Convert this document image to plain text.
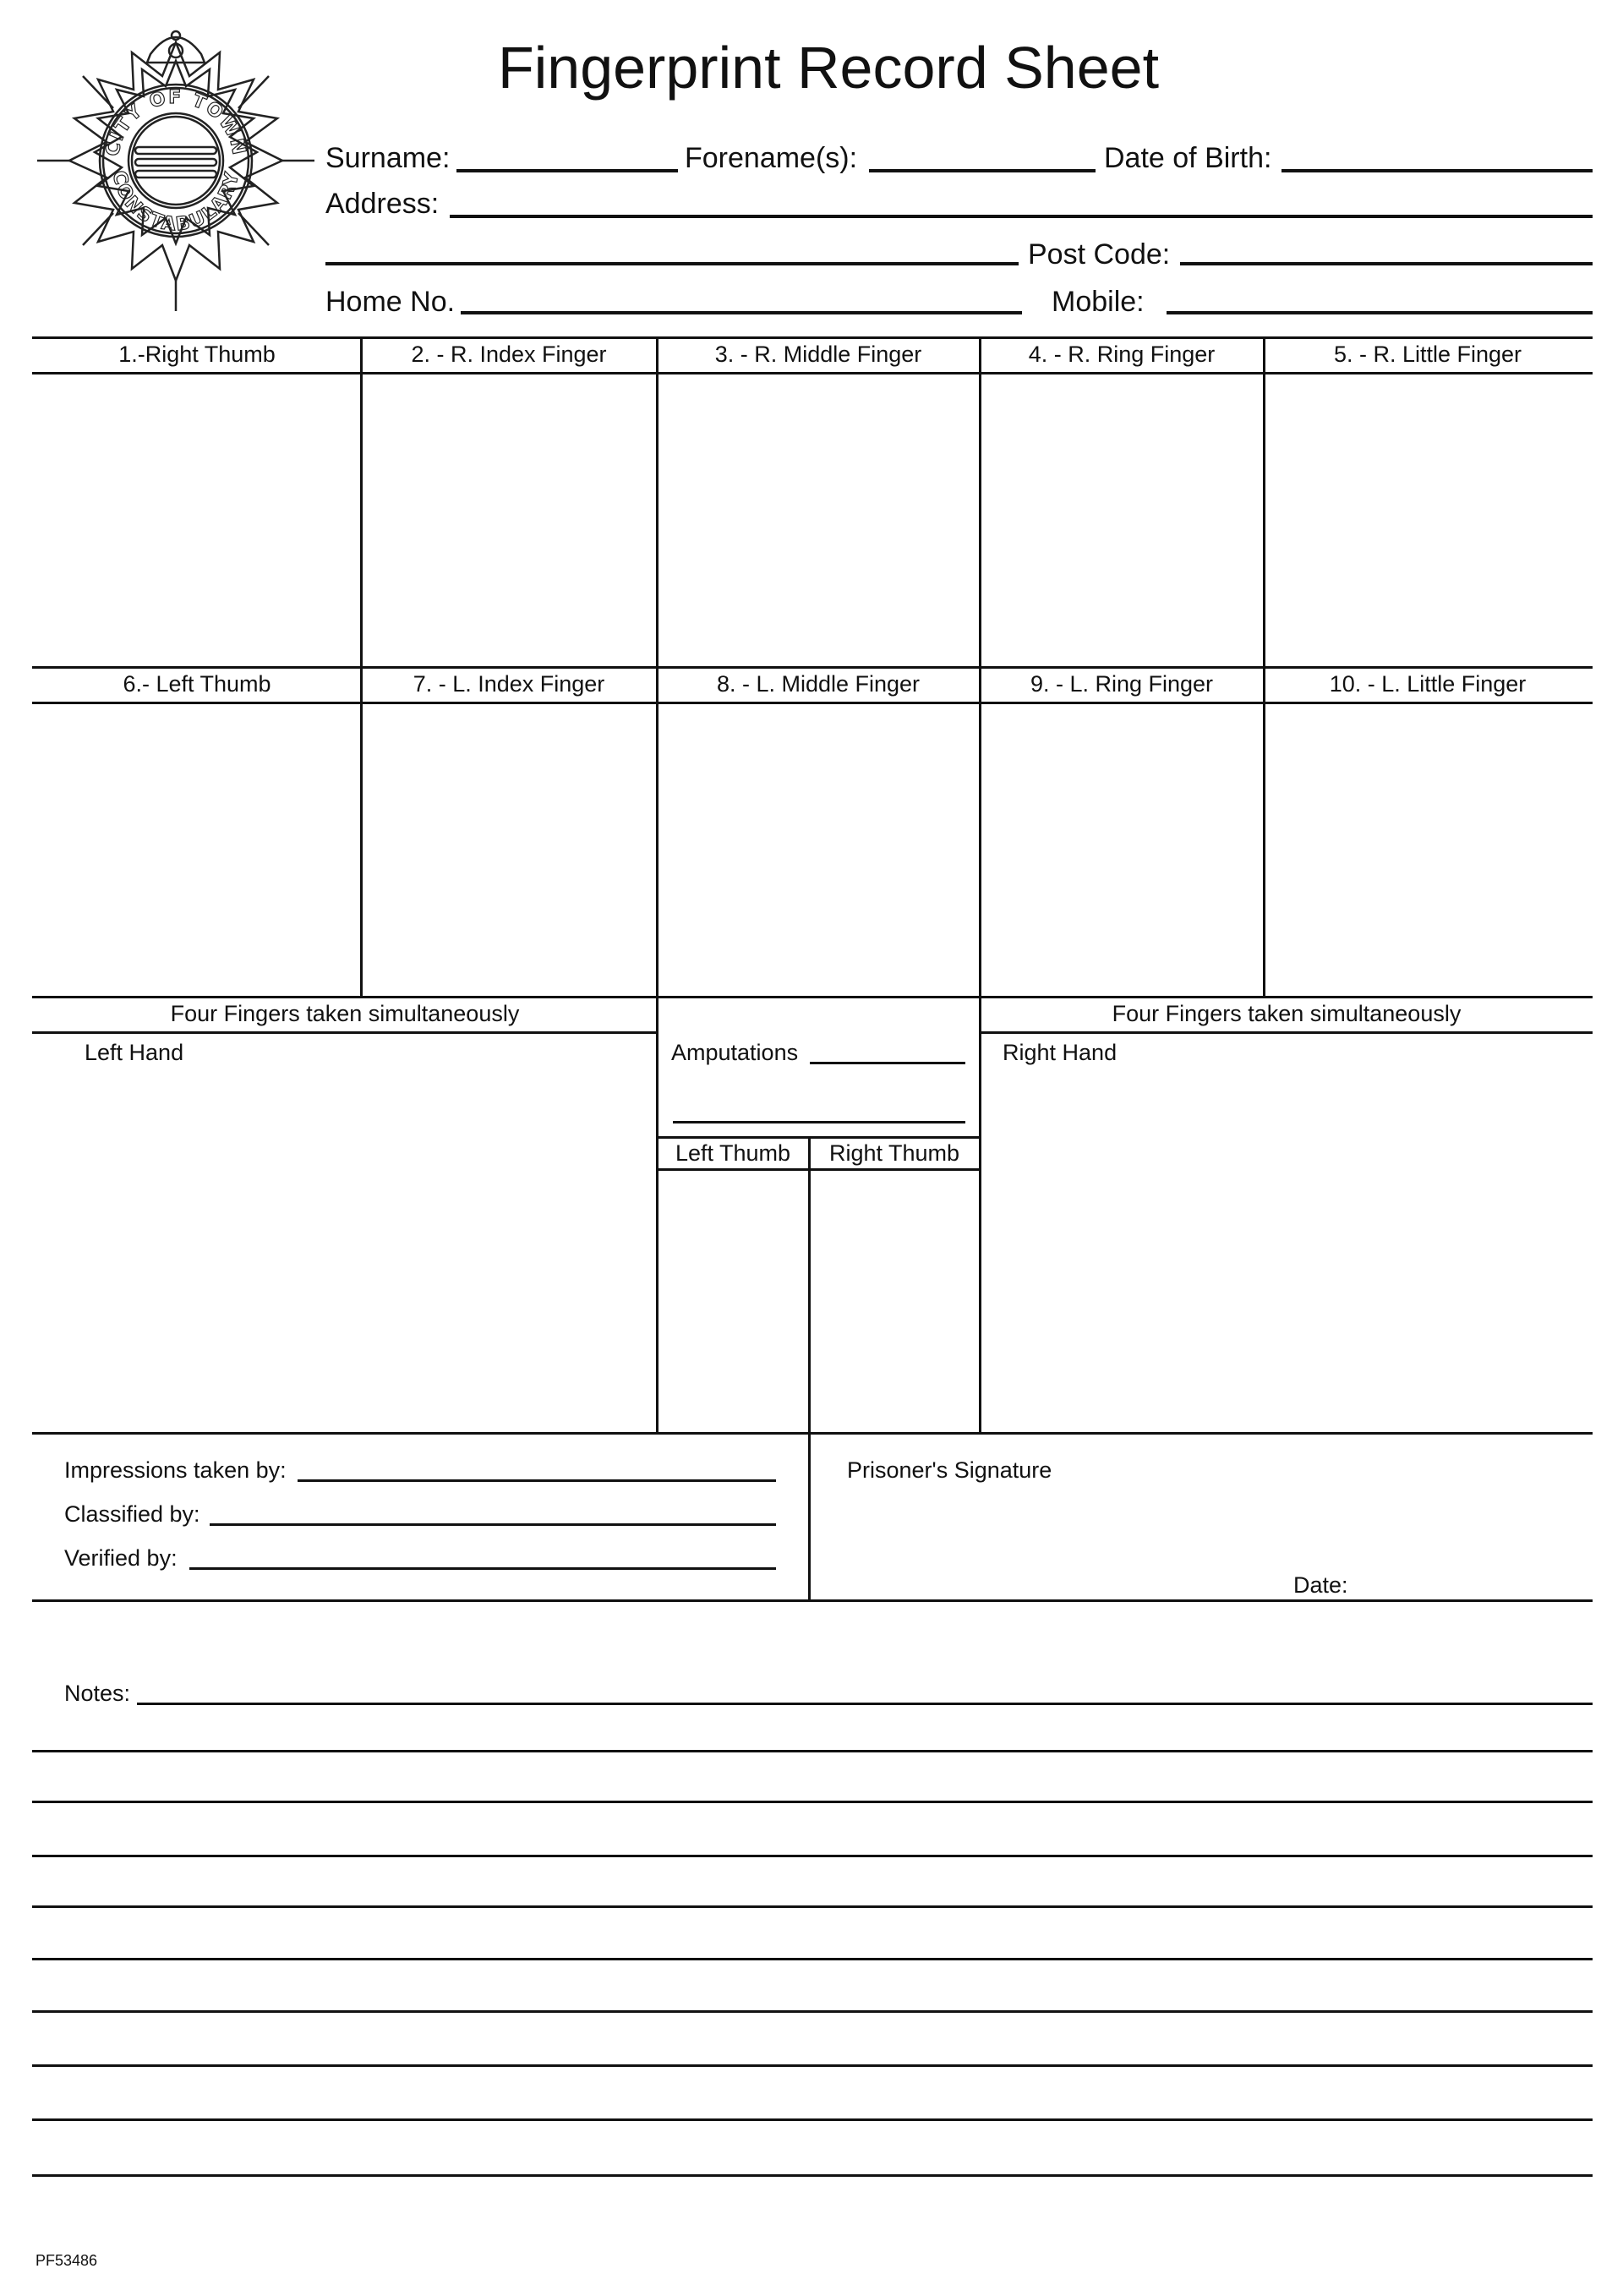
Fingerprint Record Sheet
CITY OF TOWN
CONSTABULARY
Surname:	Forename(s):	Date of Birth:
Address:
Post Code:
Home No.	Mobile:
1.-Right Thumb	2. - R. Index Finger	3. - R. Middle Finger	4. - R. Ring Finger	5. - R. Little Finger
6.- Left Thumb	7. - L. Index Finger	8. - L. Middle Finger	9. - L. Ring Finger	10. - L. Little Finger
Four Fingers taken simultaneously	Four Fingers taken simultaneously
Left Hand	Right Hand
Amputations
Left Thumb	Right Thumb
Impressions taken by:
Classified by:
Verified by:
Prisoner's Signature
Date:
Notes:
PF53486
